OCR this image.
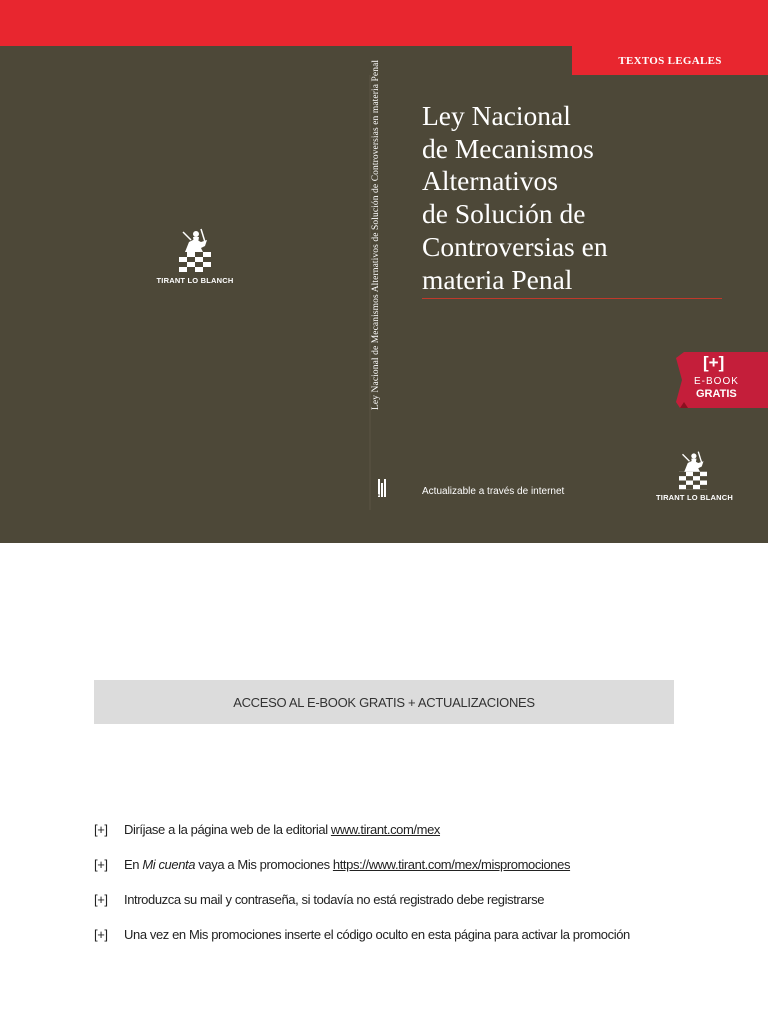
TEXTOS LEGALES
TIRANT LO BLANCH	Ley Nacional de Mecanismos Alternativos de Solución de Controversias en materia Penal
tlb
Ley Nacional
de Mecanismos
Alternativos
de Solución de
Controversias en
materia Penal
[+]
E-BOOK
GRATIS
Actualizable a través de internet
TIRANT LO BLANCH
ACCESO AL E-BOOK GRATIS + ACTUALIZACIONES
[+]	Diríjase a la página web de la editorial www.tirant.com/mex
[+]	En Mi cuenta vaya a Mis promociones https://www.tirant.com/mex/mispromociones
[+]	Introduzca su mail y contraseña, si todavía no está registrado debe registrarse
[+]	Una vez en Mis promociones inserte el código oculto en esta página para activar la promoción
